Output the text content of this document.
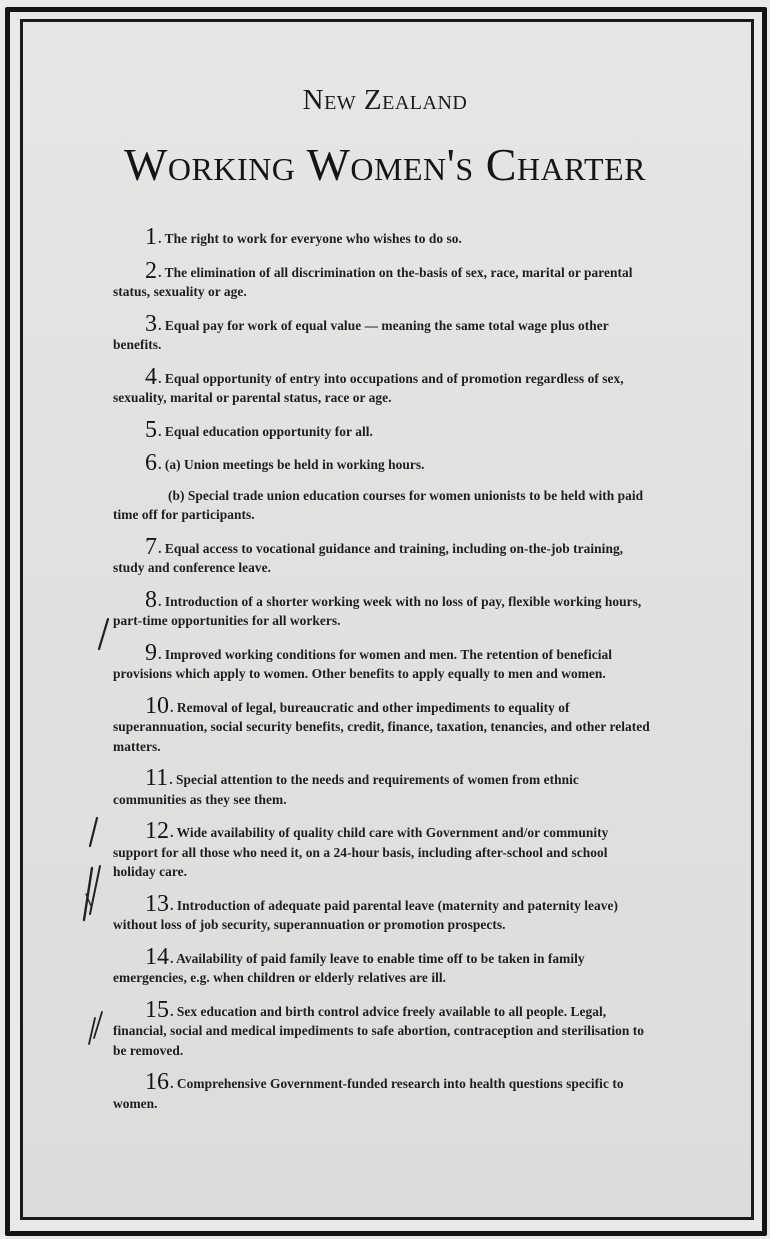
New Zealand
Working Women's Charter

1. The right to work for everyone who wishes to do so.

2. The elimination of all discrimination on the-basis of sex, race, marital or parental status, sexuality or age.

3. Equal pay for work of equal value — meaning the same total wage plus other benefits.

4. Equal opportunity of entry into occupations and of promotion regardless of sex, sexuality, marital or parental status, race or age.

5. Equal education opportunity for all.

6. (a) Union meetings be held in working hours.

(b) Special trade union education courses for women unionists to be held with paid time off for participants.

7. Equal access to vocational guidance and training, including on-the-job training, study and conference leave.

8. Introduction of a shorter working week with no loss of pay, flexible working hours, part-time opportunities for all workers.

9. Improved working conditions for women and men. The retention of beneficial provisions which apply to women. Other benefits to apply equally to men and women.

10. Removal of legal, bureaucratic and other impediments to equality of superannuation, social security benefits, credit, finance, taxation, tenancies, and other related matters.

11. Special attention to the needs and requirements of women from ethnic communities as they see them.

12. Wide availability of quality child care with Government and/or community support for all those who need it, on a 24-hour basis, including after-school and school holiday care.

13. Introduction of adequate paid parental leave (maternity and paternity leave) without loss of job security, superannuation or promotion prospects.

14. Availability of paid family leave to enable time off to be taken in family emergencies, e.g. when children or elderly relatives are ill.

15. Sex education and birth control advice freely available to all people. Legal, financial, social and medical impediments to safe abortion, contraception and sterilisation to be removed.

16. Comprehensive Government-funded research into health questions specific to women.
